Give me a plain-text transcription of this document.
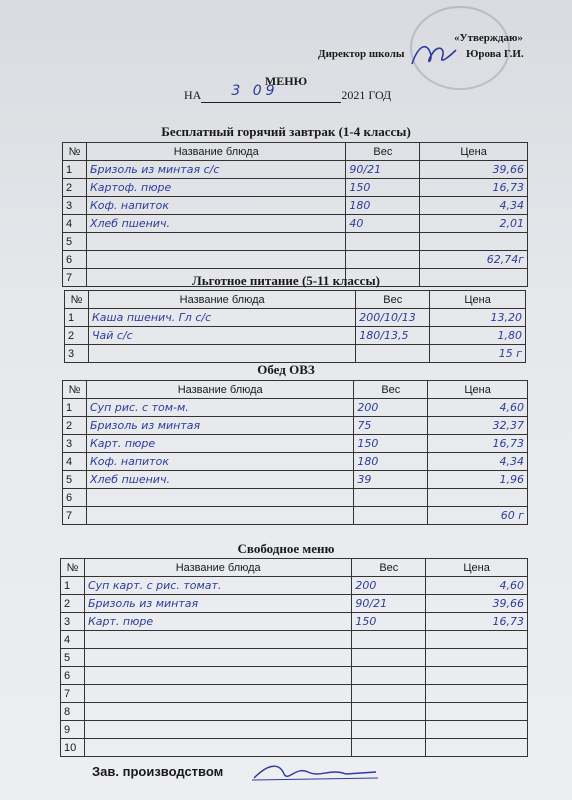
«Утверждаю»
Директор школы	Юрова Г.И.
МЕНЮ
НА 3 09	2021 ГОД
Бесплатный горячий завтрак (1-4 классы)
№	Название блюда	Вес	Цена
1	Бризоль из минтая с/с	90/21	39,66
2	Картоф. пюре	150	16,73
3	Коф. напиток	180	4,34
4	Хлеб пшенич.	40	2,01
5			
6			62,74г
7				Льготное питание (5-11 классы)
№	Название блюда	Вес	Цена
1	Каша пшенич. Гл с/с	200/10/13	13,20
2	Чай с/с	180/13,5	1,80
3			15 г
Обед ОВЗ
№	Название блюда	Вес	Цена
1	Суп рис. с том-м.	200	4,60
2	Бризоль из минтая	75	32,37
3	Карт. пюре	150	16,73
4	Коф. напиток	180	4,34
5	Хлеб пшенич.	39	1,96
6			
7			60 г
Свободное меню
№	Название блюда	Вес	Цена
1	Суп карт. с рис. томат.	200	4,60
2	Бризоль из минтая	90/21	39,66
3	Карт. пюре	150	16,73
4			
5			
6			
7			
8			
9			
10			
Зав. производством
